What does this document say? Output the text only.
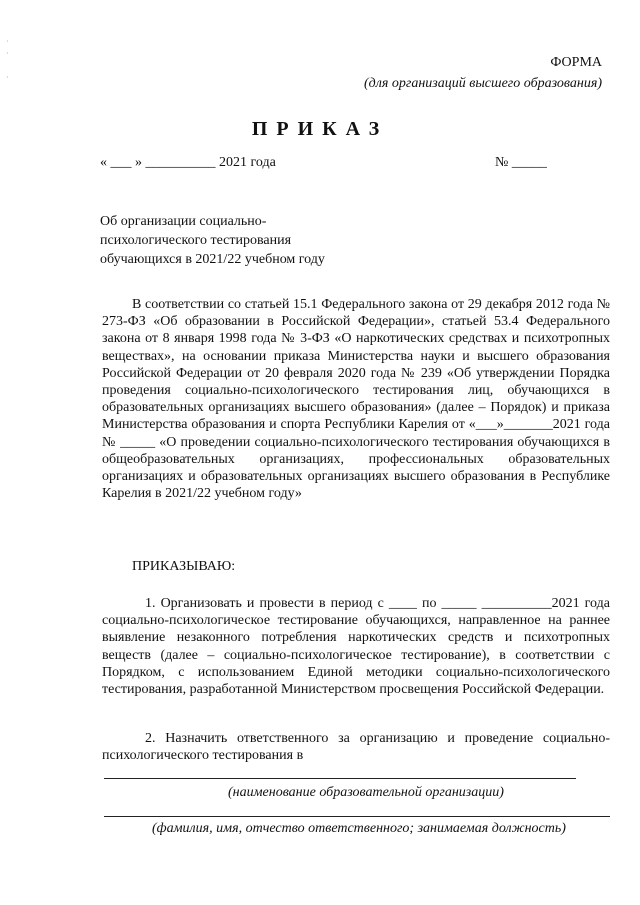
·
·

·
ФОРМА
(для организаций высшего образования)
ПРИКАЗ
« ___ » __________ 2021 года	№ _____
Об организации социально-
психологического тестирования
обучающихся в 2021/22 учебном году
В соответствии со статьей 15.1 Федерального закона от 29 декабря 2012 года № 273-ФЗ «Об образовании в Российской Федерации», статьей 53.4 Федерального закона от 8 января 1998 года № 3-ФЗ «О наркотических средствах и психотропных веществах», на основании приказа Министерства науки и высшего образования Российской Федерации от 20 февраля 2020 года № 239 «Об утверждении Порядка проведения социально-психологического тестирования лиц, обучающихся в образовательных организациях высшего образования» (далее – Порядок) и приказа Министерства образования и спорта Республики Карелия от «___»_______2021 года № _____ «О проведении социально-психологического тестирования обучающихся в общеобразовательных организациях, профессиональных образовательных организациях и образовательных организациях высшего образования в Республике Карелия в 2021/22 учебном году»
ПРИКАЗЫВАЮ:
1. Организовать и провести в период с ____ по _____ __________2021 года социально-психологическое тестирование обучающихся, направленное на раннее выявление незаконного потребления наркотических средств и психотропных веществ (далее – социально-психологическое тестирование), в соответствии с Порядком, с использованием Единой методики социально-психологического тестирования, разработанной Министерством просвещения Российской Федерации.
2. Назначить ответственного за организацию и проведение социально-психологического тестирования в
(наименование образовательной организации)
(фамилия, имя, отчество ответственного; занимаемая должность)
